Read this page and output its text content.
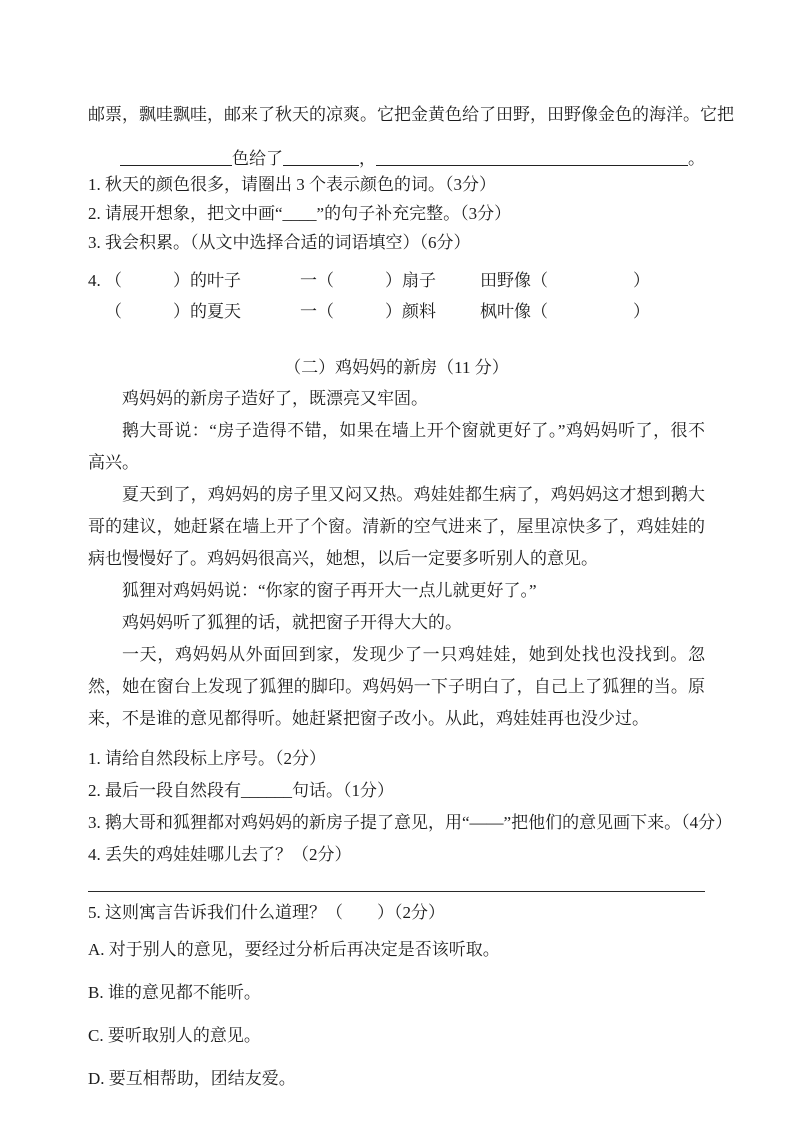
邮票，飘哇飘哇，邮来了秋天的凉爽。它把金黄色给了田野，田野像金色的海洋。它把

色给了	，	。

1. 秋天的颜色很多，请圈出 3 个表示颜色的词。（3分）

2. 请展开想象，把文中画“____”的句子补充完整。（3分）

3. 我会积累。（从文中选择合适的词语填空）（6分）

4. （　　　）的叶子	一（　　　）扇子	田野像（　　　　　）
（　　　）的夏天	一（　　　）颜料	枫叶像（　　　　　）
（二）鸡妈妈的新房（11 分）

鸡妈妈的新房子造好了，既漂亮又牢固。

鹅大哥说：“房子造得不错，如果在墙上开个窗就更好了。”鸡妈妈听了，很不高兴。

夏天到了，鸡妈妈的房子里又闷又热。鸡娃娃都生病了，鸡妈妈这才想到鹅大哥的建议，她赶紧在墙上开了个窗。清新的空气进来了，屋里凉快多了，鸡娃娃的病也慢慢好了。鸡妈妈很高兴，她想，以后一定要多听别人的意见。

狐狸对鸡妈妈说：“你家的窗子再开大一点儿就更好了。”

鸡妈妈听了狐狸的话，就把窗子开得大大的。

一天，鸡妈妈从外面回到家，发现少了一只鸡娃娃，她到处找也没找到。忽然，她在窗台上发现了狐狸的脚印。鸡妈妈一下子明白了，自己上了狐狸的当。原来，不是谁的意见都得听。她赶紧把窗子改小。从此，鸡娃娃再也没少过。

1. 请给自然段标上序号。（2分）

2. 最后一段自然段有______句话。（1分）

3. 鹅大哥和狐狸都对鸡妈妈的新房子提了意见，用“——”把他们的意见画下来。（4分）

4. 丢失的鸡娃娃哪儿去了？（2分）

5. 这则寓言告诉我们什么道理？（　　）（2分）

A. 对于别人的意见，要经过分析后再决定是否该听取。

B. 谁的意见都不能听。

C. 要听取别人的意见。

D. 要互相帮助，团结友爱。
